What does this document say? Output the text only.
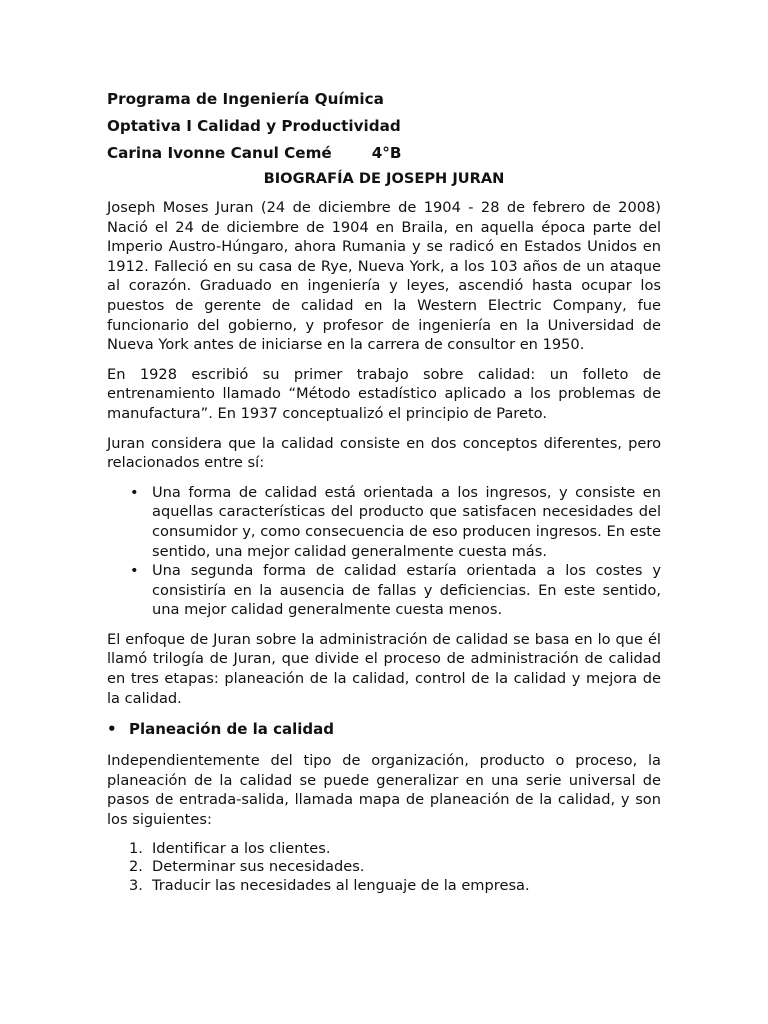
Programa de Ingeniería Química
Optativa I Calidad y Productividad
Carina Ivonne Canul Cemé	4°B
BIOGRAFÍA DE JOSEPH JURAN

Joseph Moses Juran (24 de diciembre de 1904 - 28 de febrero de 2008) Nació el 24 de diciembre de 1904 en Braila, en aquella época parte del Imperio Austro-Húngaro, ahora Rumania y se radicó en Estados Unidos en 1912. Falleció en su casa de Rye, Nueva York, a los 103 años de un ataque al corazón. Graduado en ingeniería y leyes, ascendió hasta ocupar los puestos de gerente de calidad en la Western Electric Company, fue funcionario del gobierno, y profesor de ingeniería en la Universidad de Nueva York antes de iniciarse en la carrera de consultor en 1950.

En 1928 escribió su primer trabajo sobre calidad: un folleto de entrenamiento llamado “Método estadístico aplicado a los problemas de manufactura”. En 1937 conceptualizó el principio de Pareto.

Juran considera que la calidad consiste en dos conceptos diferentes, pero relacionados entre sí:

• Una forma de calidad está orientada a los ingresos, y consiste en aquellas características del producto que satisfacen necesidades del consumidor y, como consecuencia de eso producen ingresos. En este sentido, una mejor calidad generalmente cuesta más.
• Una segunda forma de calidad estaría orientada a los costes y consistiría en la ausencia de fallas y deficiencias. En este sentido, una mejor calidad generalmente cuesta menos.

El enfoque de Juran sobre la administración de calidad se basa en lo que él llamó trilogía de Juran, que divide el proceso de administración de calidad en tres etapas: planeación de la calidad, control de la calidad y mejora de la calidad.

• Planeación de la calidad

Independientemente del tipo de organización, producto o proceso, la planeación de la calidad se puede generalizar en una serie universal de pasos de entrada-salida, llamada mapa de planeación de la calidad, y son los siguientes:

1. Identificar a los clientes.
2. Determinar sus necesidades.
3. Traducir las necesidades al lenguaje de la empresa.
